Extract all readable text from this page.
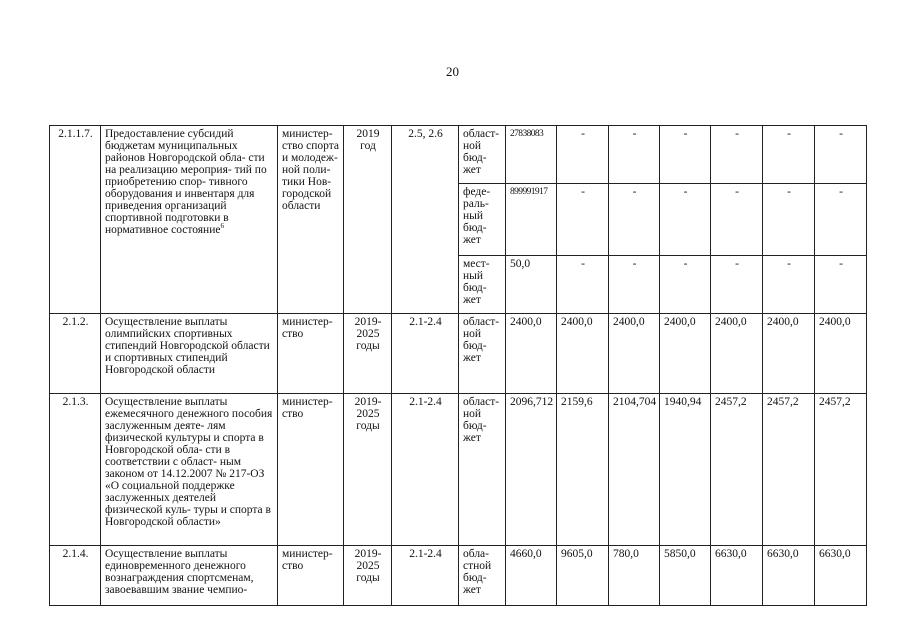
20
2.1.1.7.	Предоставление субсидий бюджетам муниципальных районов Новгородской обла- сти на реализацию мероприя- тий по приобретению спор- тивного оборудования и инвентаря для приведения организаций спортивной подготовки в нормативное состояние$^6$	министер- ство спорта и молодеж- ной поли- тики Нов- городской области	2019 год	2.5, 2.6	област- ной бюд- жет	27838083	-	-	-	-	-	-
					феде- раль- ный бюд- жет	899991917	-	-	-	-	-	-
					мест- ный бюд- жет	50,0	-	-	-	-	-	-
2.1.2.	Осуществление выплаты олимпийских спортивных стипендий Новгородской области и спортивных стипендий Новгородской области	министер- ство	2019- 2025 годы	2.1-2.4	област- ной бюд- жет	2400,0	2400,0	2400,0	2400,0	2400,0	2400,0	2400,0
2.1.3.	Осуществление выплаты ежемесячного денежного пособия заслуженным деяте- лям физической культуры и спорта в Новгородской обла- сти в соответствии с област- ным законом от 14.12.2007 № 217-ОЗ «О социальной поддержке заслуженных деятелей физической куль- туры и спорта в Новгородской области»	министер- ство	2019- 2025 годы	2.1-2.4	област- ной бюд- жет	2096,712	2159,6	2104,704	1940,94	2457,2	2457,2	2457,2
2.1.4.	Осуществление выплаты единовременного денежного вознаграждения спортсменам, завоевавшим звание чемпио-	министер- ство	2019- 2025 годы	2.1-2.4	обла- стной бюд- жет	4660,0	9605,0	780,0	5850,0	6630,0	6630,0	6630,0
